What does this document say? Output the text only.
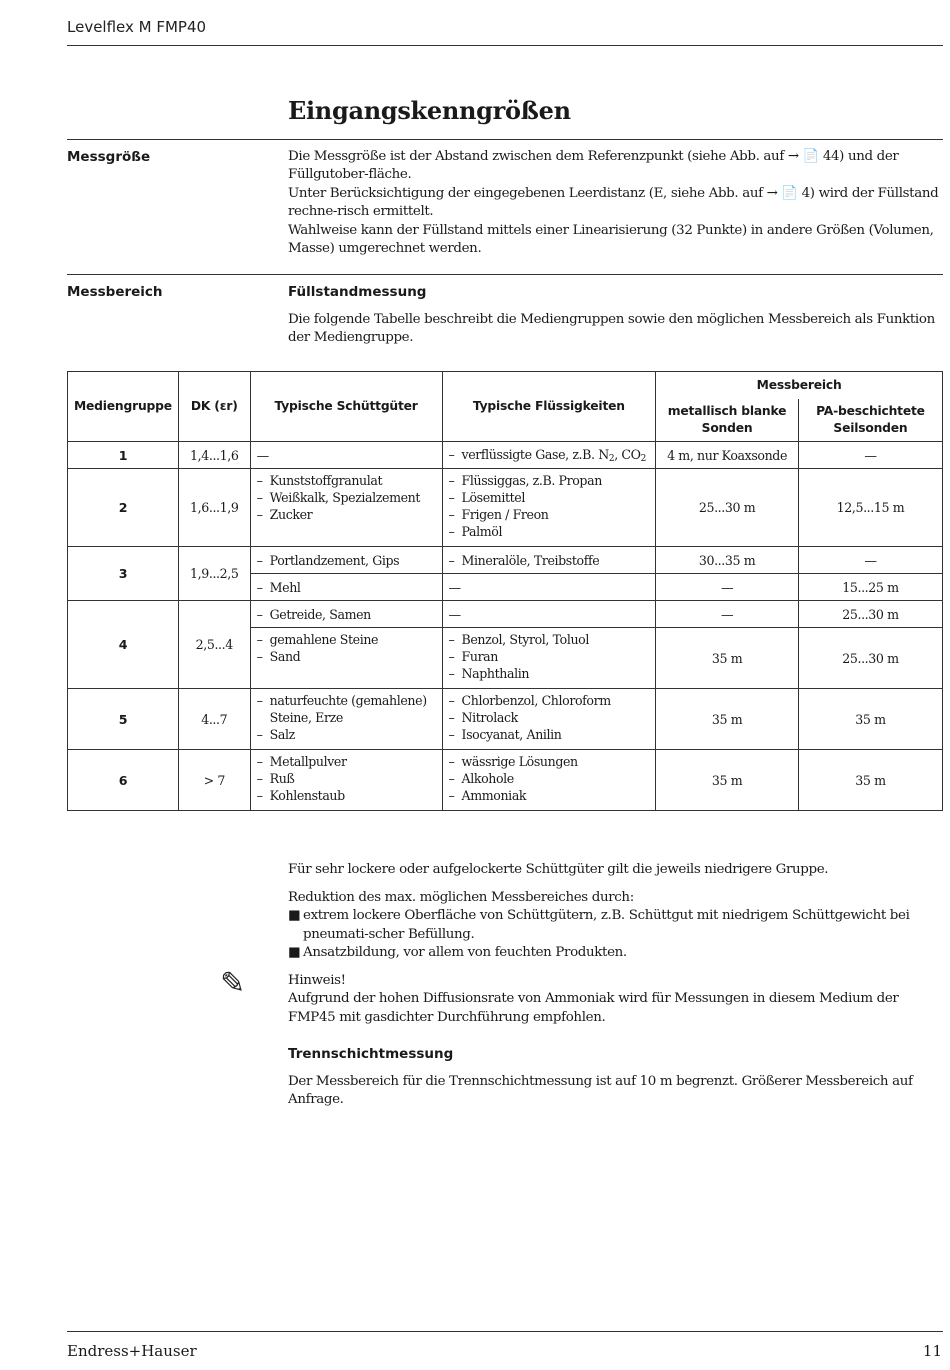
Levelflex M FMP40
Eingangskenngrößen
Messgröße	Die Messgröße ist der Abstand zwischen dem Referenzpunkt (siehe Abb. auf → 📄 44) und der Füllgutober-fläche.

Unter Berücksichtigung der eingegebenen Leerdistanz (E, siehe Abb. auf → 📄 4) wird der Füllstand rechne-risch ermittelt.

Wahlweise kann der Füllstand mittels einer Linearisierung (32 Punkte) in andere Größen (Volumen, Masse) umgerechnet werden.

Messbereich	Füllstandmessung
Die folgende Tabelle beschreibt die Mediengruppen sowie den möglichen Messbereich als Funktion der Mediengruppe.
Mediengruppe	DK (εr)	Typische Schüttgüter	Typische Flüssigkeiten	Messbereich	
				metallisch blanke Sonden	PA-beschichtete Seilsonden
1	1,4...1,6	—	– verflüssigte Gase, z.B. $N_2$, $CO_2$	4 m, nur Koaxsonde	—
2	1,6...1,9	– Kunststoffgranulat
– Weißkalk, Spezialzement
– Zucker	– Flüssiggas, z.B. Propan
– Lösemittel
– Frigen / Freon
– Palmöl	25...30 m	12,5...15 m
3	1,9...2,5	– Portlandzement, Gips	– Mineralöle, Treibstoffe	30...35 m	—

		– Mehl	—	—	15...25 m
4	2,5...4	– Getreide, Samen	—	—	25...30 m

		– gemahlene Steine
– Sand	– Benzol, Styrol, Toluol
– Furan
– Naphthalin	35 m	25...30 m
5	4...7	– naturfeuchte (gemahlene) Steine, Erze
– Salz	– Chlorbenzol, Chloroform
– Nitrolack
– Isocyanat, Anilin	35 m	35 m
6	> 7	– Metallpulver
– Ruß
– Kohlenstaub	– wässrige Lösungen
– Alkohole
– Ammoniak	35 m	35 m
Für sehr lockere oder aufgelockerte Schüttgüter gilt die jeweils niedrigere Gruppe.

Reduktion des max. möglichen Messbereiches durch:

■ extrem lockere Oberfläche von Schüttgütern, z.B. Schüttgut mit niedrigem Schüttgewicht bei pneumati-scher Befüllung.
■ Ansatzbildung, vor allem von feuchten Produkten.
✎	Hinweis!

Aufgrund der hohen Diffusionsrate von Ammoniak wird für Messungen in diesem Medium der FMP45 mit gasdichter Durchführung empfohlen.

Trennschichtmessung
Der Messbereich für die Trennschichtmessung ist auf 10 m begrenzt. Größerer Messbereich auf Anfrage.
Endress+Hauser	11
